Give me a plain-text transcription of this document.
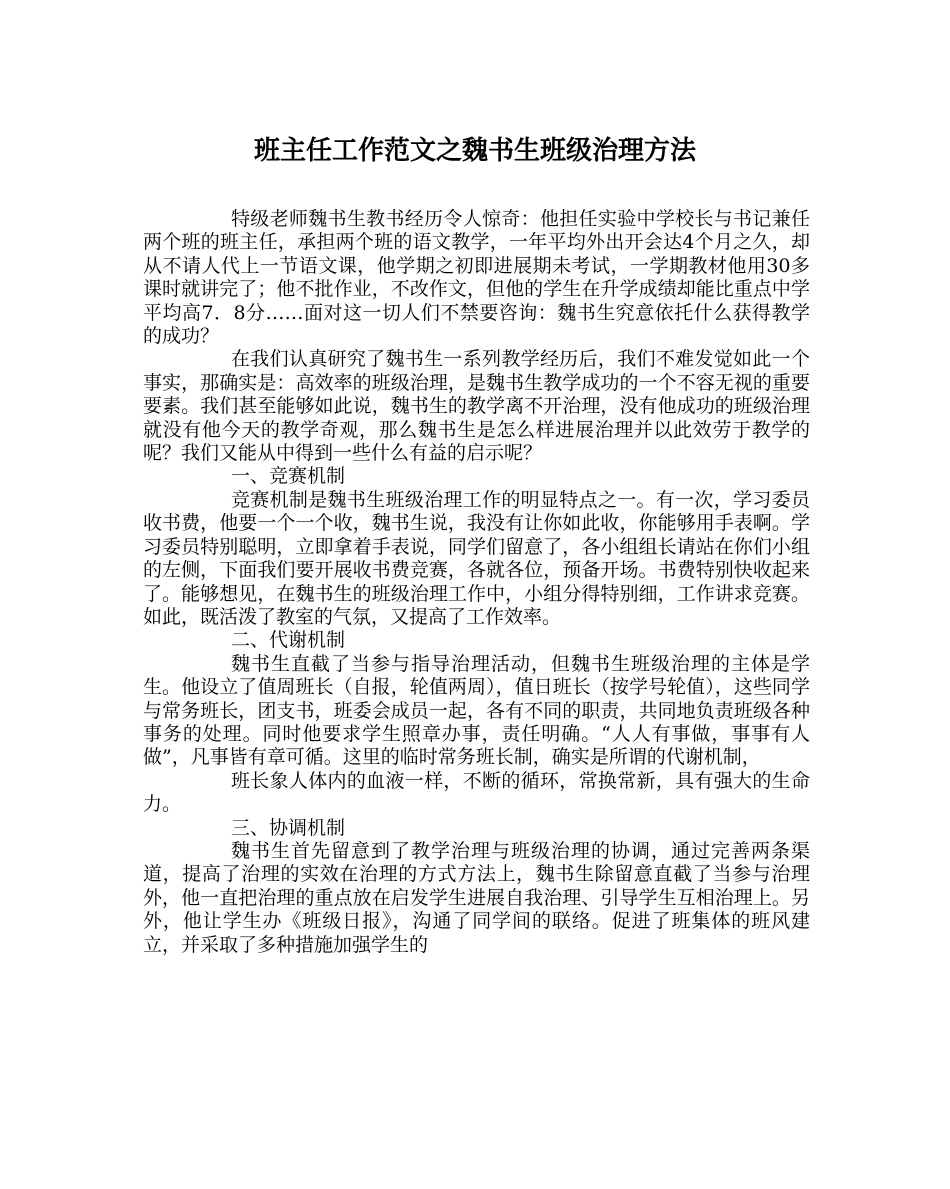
班主任工作范文之魏书生班级治理方法

特级老师魏书生教书经历令人惊奇：他担任实验中学校长与书记兼任两个班的班主任，承担两个班的语文教学，一年平均外出开会达4个月之久，却从不请人代上一节语文课，他学期之初即进展期未考试，一学期教材他用30多课时就讲完了；他不批作业，不改作文，但他的学生在升学成绩却能比重点中学平均高7．8分……面对这一切人们不禁要咨询：魏书生究意依托什么获得教学的成功？

在我们认真研究了魏书生一系列教学经历后，我们不难发觉如此一个事实，那确实是：高效率的班级治理，是魏书生教学成功的一个不容无视的重要要素。我们甚至能够如此说，魏书生的教学离不开治理，没有他成功的班级治理就没有他今天的教学奇观，那么魏书生是怎么样进展治理并以此效劳于教学的呢？我们又能从中得到一些什么有益的启示呢？

一、竞赛机制

竞赛机制是魏书生班级治理工作的明显特点之一。有一次，学习委员收书费，他要一个一个收，魏书生说，我没有让你如此收，你能够用手表啊。学习委员特别聪明，立即拿着手表说，同学们留意了，各小组组长请站在你们小组的左侧，下面我们要开展收书费竞赛，各就各位，预备开场。书费特别快收起来了。能够想见，在魏书生的班级治理工作中，小组分得特别细，工作讲求竞赛。如此，既活泼了教室的气氛，又提高了工作效率。

二、代谢机制

魏书生直截了当参与指导治理活动，但魏书生班级治理的主体是学生。他设立了值周班长（自报，轮值两周），值日班长（按学号轮值），这些同学与常务班长，团支书，班委会成员一起，各有不同的职责，共同地负责班级各种事务的处理。同时他要求学生照章办事，责任明确。“人人有事做，事事有人做”，凡事皆有章可循。这里的临时常务班长制，确实是所谓的代谢机制，

班长象人体内的血液一样，不断的循环，常换常新，具有强大的生命力。

三、协调机制

魏书生首先留意到了教学治理与班级治理的协调，通过完善两条渠道，提高了治理的实效在治理的方式方法上，魏书生除留意直截了当参与治理外，他一直把治理的重点放在启发学生进展自我治理、引导学生互相治理上。另外，他让学生办《班级日报》，沟通了同学间的联络。促进了班集体的班风建立，并采取了多种措施加强学生的
